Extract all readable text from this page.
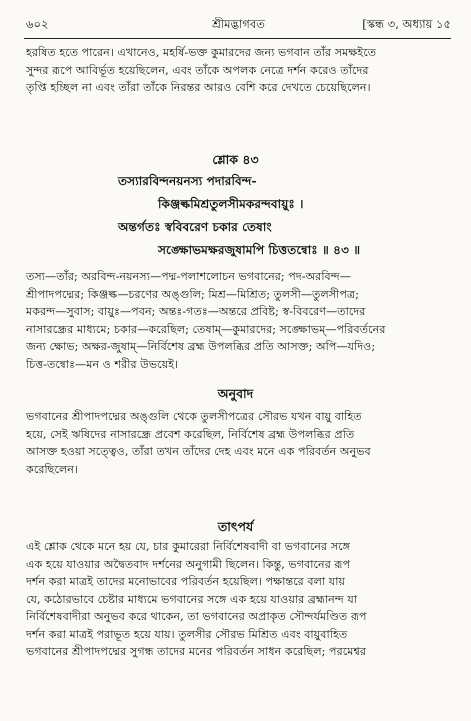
৬০২	শ্রীমদ্ভাগবত	[স্কন্ধ ৩, অধ্যায় ১৫
হরষিত হতে পারেন। এখানেও, মহর্ষি-ভক্ত কুমারদের জন্য ভগবান তাঁর সমক্ষইতে
সুন্দর রূপে আবির্ভূত হয়েছিলেন, এবং তাঁকে অপলক নেত্রে দর্শন করেও তাঁদের
তৃপ্তি হচ্ছিল না এবং তাঁরা তাঁকে নিরন্তর আরও বেশি করে দেখতে চেয়েছিলেন।
শ্লোক ৪৩
তস্যারবিন্দনয়নস্য পদারবিন্দ-
কিঞ্জল্কমিশ্রতুলসীমকরন্দবায়ুঃ ।
অন্তর্গতঃ স্ববিবরেণ চকার তেষাং
সঙ্ক্ষোভমক্ষরজুষামপি চিত্ততন্বোঃ ॥ ৪৩ ॥
তস্য—তাঁর; অরবিন্দ-নয়নস্য—পদ্ম-পলাশলোচন ভগবানের; পদ-অরবিন্দ—
শ্রীপাদপদ্মের; কিঞ্জল্ক—চরণের অঙ্গুলি; মিশ্র—মিশ্রিত; তুলসী—তুলসীপত্র;
মকরন্দ—সুবাস; বায়ুঃ—পবন; অন্তঃ-গতঃ—অন্তরে প্রবিষ্ট; স্ব-বিবরেণ—তাদের
নাসারন্ধ্রের মাধ্যমে; চকার—করেছিল; তেষাম্—কুমারদের; সঙ্ক্ষোভম্—পরিবর্তনের
জন্য ক্ষোভ; অক্ষর-জুষাম্—নির্বিশেষ ব্রহ্ম উপলব্ধির প্রতি আসক্ত; অপি—যদিও;
চিত্ত-তন্বোঃ—মন ও শরীর উভয়েই।
অনুবাদ
ভগবানের শ্রীপাদপদ্মের অঙ্গুলি থেকে তুলসীপত্রের সৌরভ যখন বায়ু বাহিত
হয়ে, সেই ঋষিদের নাসারন্ধ্রে প্রবেশ করেছিল, নির্বিশেষ ব্রহ্ম উপলব্ধির প্রতি
আসক্ত হওয়া সত্ত্বেও, তাঁরা তখন তাঁদের দেহ এবং মনে এক পরিবর্তন অনুভব
করেছিলেন।
তাৎপর্য
এই শ্লোক থেকে মনে হয় যে, চার কুমারেরা নির্বিশেষবাদী বা ভগবানের সঙ্গে
এক হয়ে যাওয়ার অদ্বৈতবাদ দর্শনের অনুগামী ছিলেন। কিন্তু, ভগবানের রূপ
দর্শন করা মাত্রই তাদের মনোভাবের পরিবর্তন হয়েছিল। পক্ষান্তরে বলা যায়
যে, কঠোরভাবে চেষ্টার মাধ্যমে ভগবানের সঙ্গে এক হয়ে যাওয়ার ব্রহ্মানন্দ যা
নির্বিশেষবাদীরা অনুভব করে থাকেন, তা ভগবানের অপ্রাকৃত সৌন্দর্যমণ্ডিত রূপ
দর্শন করা মাত্রই পরাভূত হয়ে যায়। তুলসীর সৌরভ মিশ্রিত এবং বায়ুবাহিত
ভগবানের শ্রীপাদপদ্মের সুগন্ধ তাদের মনের পরিবর্তন সাধন করেছিল; পরমেশ্বর
